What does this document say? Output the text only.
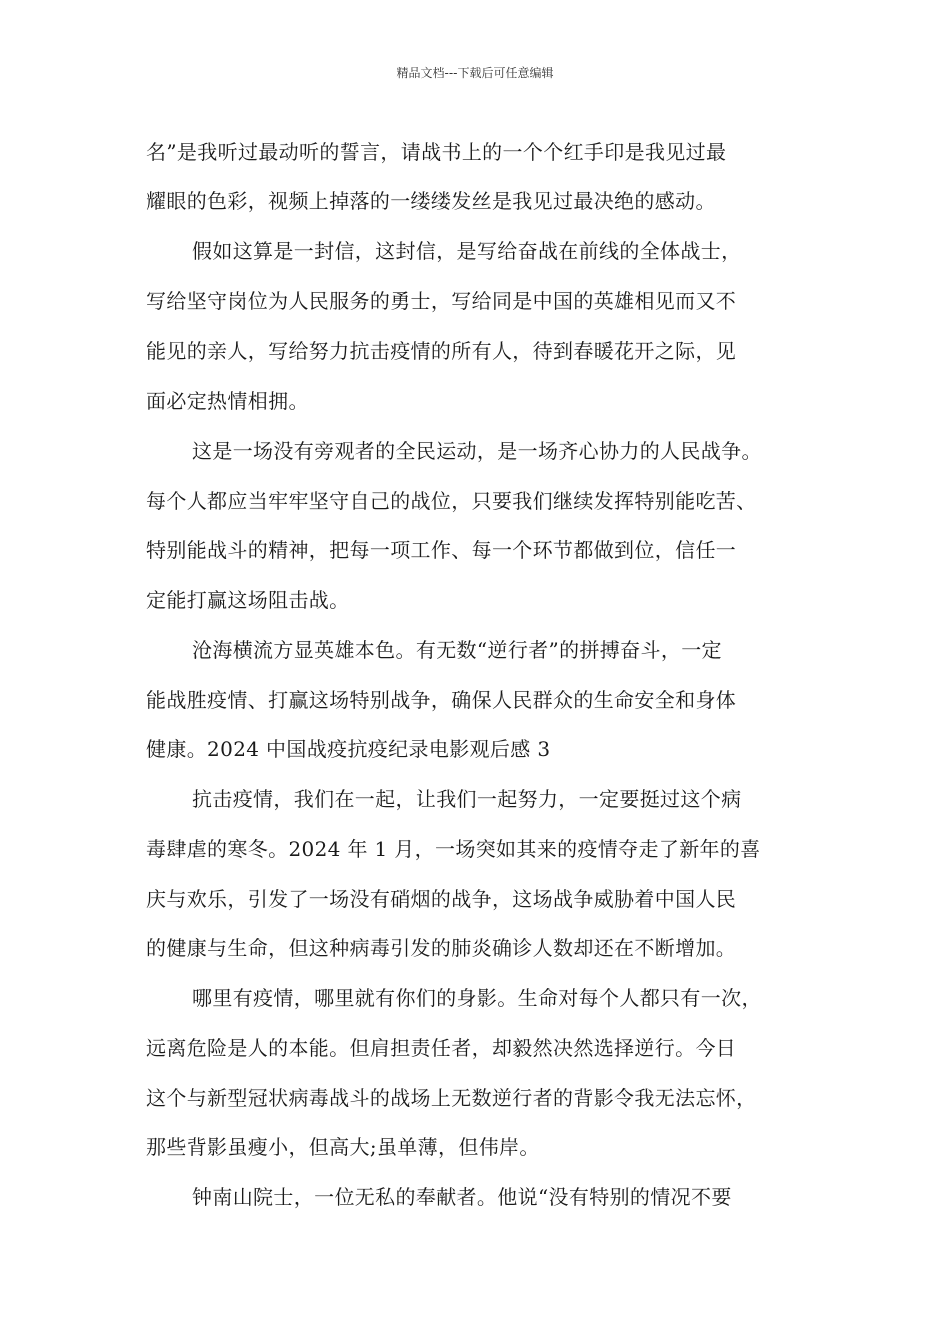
精品文档---下载后可任意编辑
名”是我听过最动听的誓言，请战书上的一个个红手印是我见过最
耀眼的色彩，视频上掉落的一缕缕发丝是我见过最决绝的感动。
假如这算是一封信，这封信，是写给奋战在前线的全体战士，
写给坚守岗位为人民服务的勇士，写给同是中国的英雄相见而又不
能见的亲人，写给努力抗击疫情的所有人，待到春暖花开之际，见
面必定热情相拥。
这是一场没有旁观者的全民运动，是一场齐心协力的人民战争。
每个人都应当牢牢坚守自己的战位，只要我们继续发挥特别能吃苦、
特别能战斗的精神，把每一项工作、每一个环节都做到位，信任一
定能打赢这场阻击战。
沧海横流方显英雄本色。有无数“逆行者”的拼搏奋斗，一定
能战胜疫情、打赢这场特别战争，确保人民群众的生命安全和身体
健康。2024 中国战疫抗疫纪录电影观后感 3
抗击疫情，我们在一起，让我们一起努力，一定要挺过这个病
毒肆虐的寒冬。2024 年 1 月，一场突如其来的疫情夺走了新年的喜
庆与欢乐，引发了一场没有硝烟的战争，这场战争威胁着中国人民
的健康与生命，但这种病毒引发的肺炎确诊人数却还在不断增加。
哪里有疫情，哪里就有你们的身影。生命对每个人都只有一次，
远离危险是人的本能。但肩担责任者，却毅然决然选择逆行。今日
这个与新型冠状病毒战斗的战场上无数逆行者的背影令我无法忘怀，
那些背影虽瘦小，但高大;虽单薄，但伟岸。
钟南山院士，一位无私的奉献者。他说“没有特别的情况不要
